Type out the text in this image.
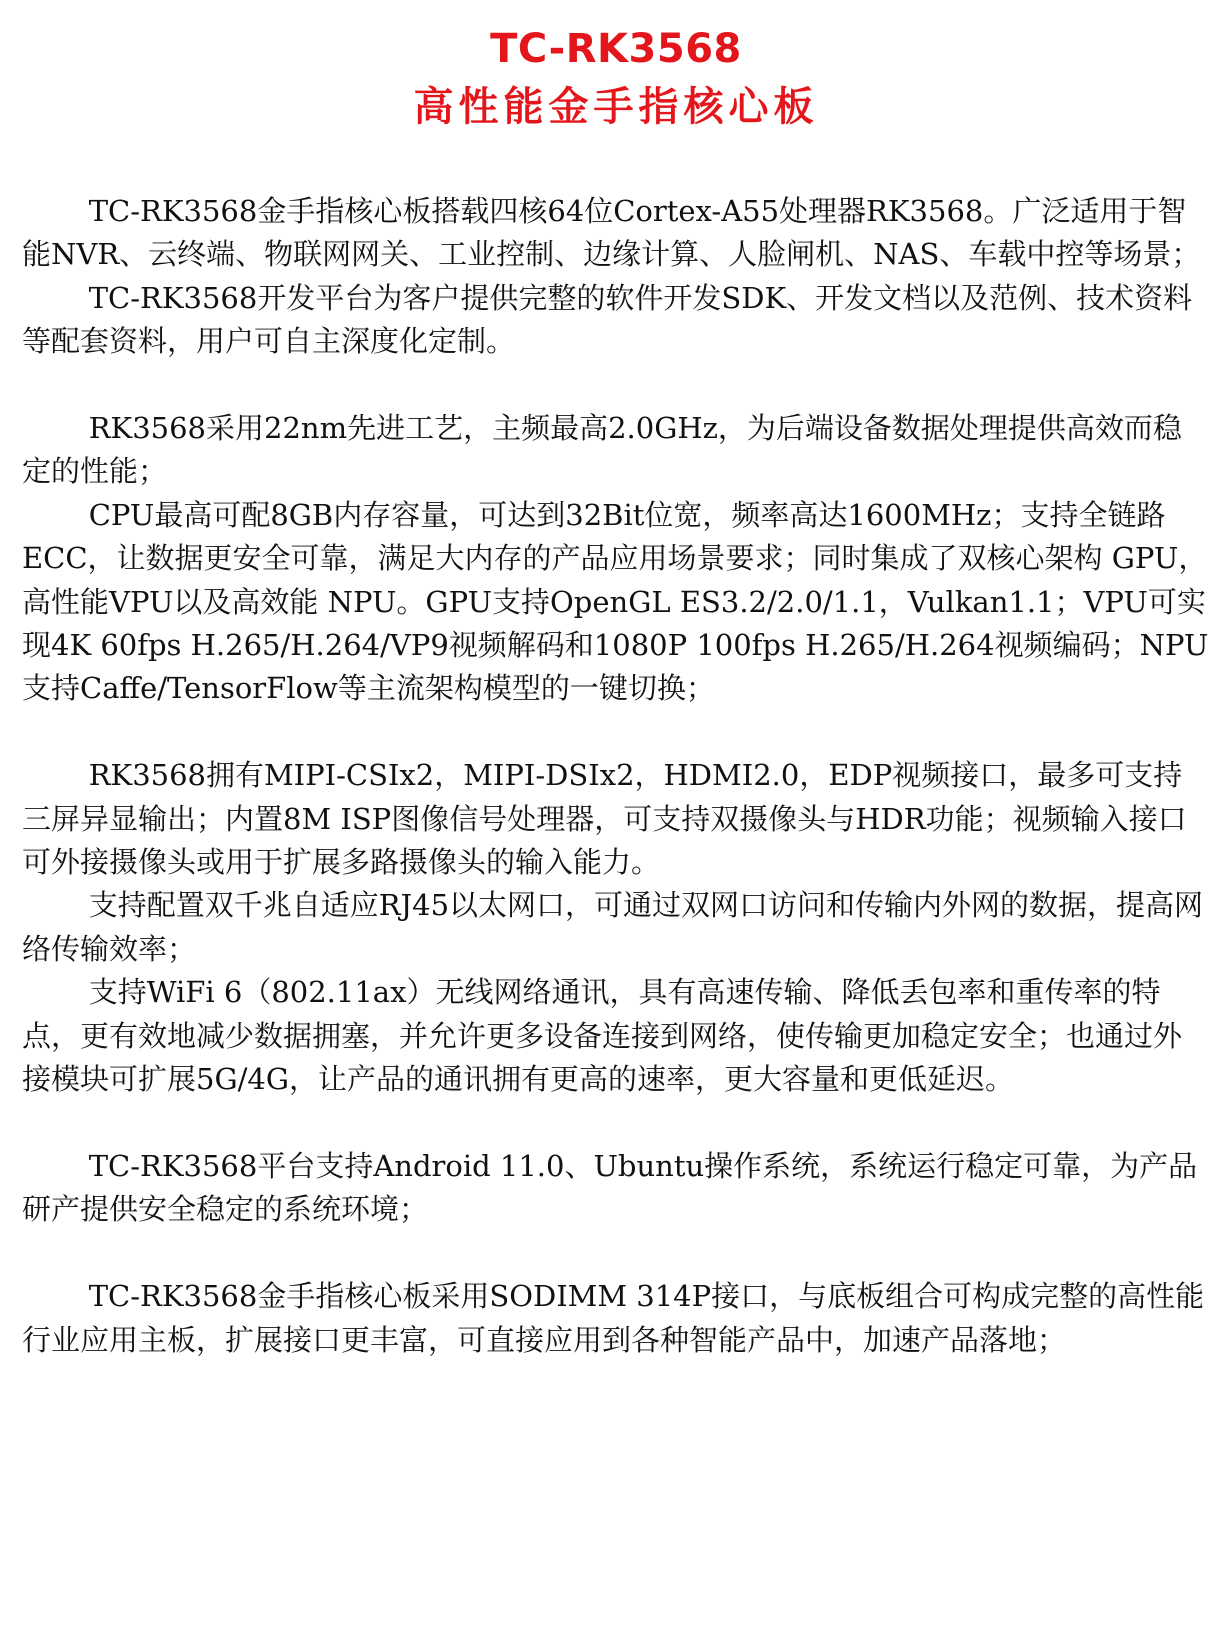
TC-RK3568
高性能金手指核心板

TC-RK3568金手指核心板搭载四核64位Cortex-A55处理器RK3568。广泛适用于智能NVR、云终端、物联网网关、工业控制、边缘计算、人脸闸机、NAS、车载中控等场景；

TC-RK3568开发平台为客户提供完整的软件开发SDK、开发文档以及范例、技术资料等配套资料，用户可自主深度化定制。

RK3568采用22nm先进工艺，主频最高2.0GHz，为后端设备数据处理提供高效而稳定的性能；

CPU最高可配8GB内存容量，可达到32Bit位宽，频率高达1600MHz；支持全链路ECC，让数据更安全可靠，满足大内存的产品应用场景要求；同时集成了双核心架构 GPU，高性能VPU以及高效能 NPU。GPU支持OpenGL ES3.2/2.0/1.1，Vulkan1.1；VPU可实现4K 60fps H.265/H.264/VP9视频解码和1080P 100fps H.265/H.264视频编码；NPU支持Caffe/TensorFlow等主流架构模型的一键切换；

RK3568拥有MIPI-CSIx2，MIPI-DSIx2，HDMI2.0，EDP视频接口，最多可支持三屏异显输出；内置8M ISP图像信号处理器，可支持双摄像头与HDR功能；视频输入接口可外接摄像头或用于扩展多路摄像头的输入能力。

支持配置双千兆自适应RJ45以太网口，可通过双网口访问和传输内外网的数据，提高网络传输效率；

支持WiFi 6（802.11ax）无线网络通讯，具有高速传输、降低丢包率和重传率的特点，更有效地减少数据拥塞，并允许更多设备连接到网络，使传输更加稳定安全；也通过外接模块可扩展5G/4G，让产品的通讯拥有更高的速率，更大容量和更低延迟。

TC-RK3568平台支持Android 11.0、Ubuntu操作系统，系统运行稳定可靠，为产品研产提供安全稳定的系统环境；

TC-RK3568金手指核心板采用SODIMM 314P接口，与底板组合可构成完整的高性能行业应用主板，扩展接口更丰富，可直接应用到各种智能产品中，加速产品落地；
